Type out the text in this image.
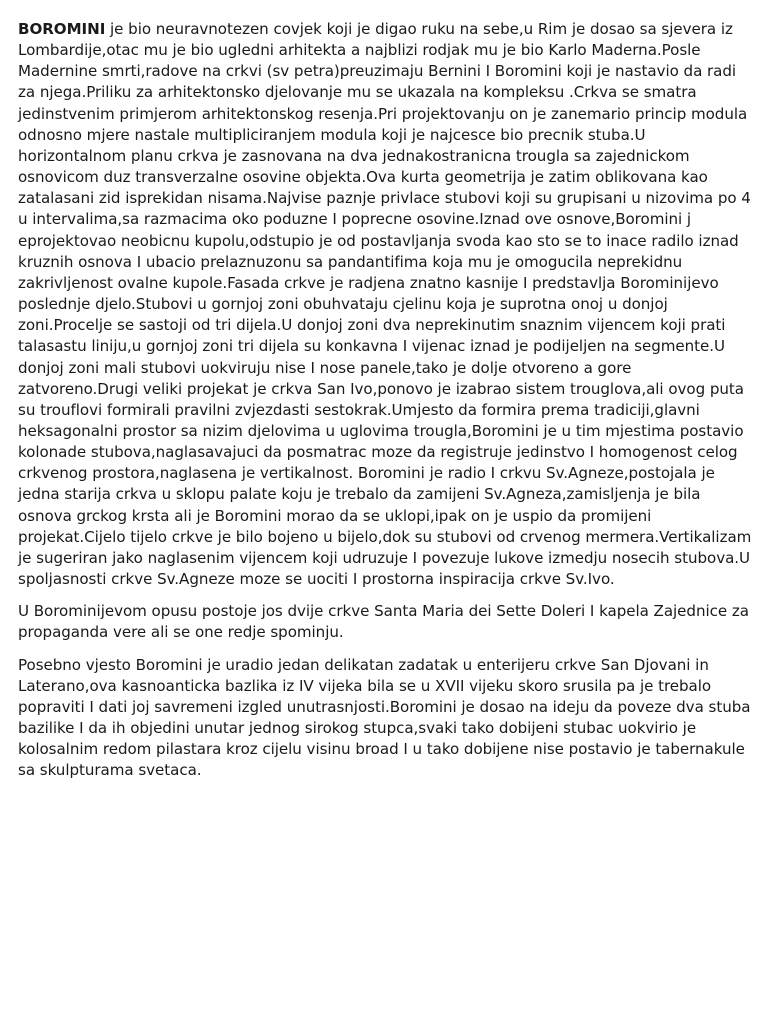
BOROMINI je bio neuravnotezen covjek koji je digao ruku na sebe,u Rim je dosao sa sjevera iz Lombardije,otac mu je bio ugledni arhitekta a najblizi rodjak mu je bio Karlo Maderna.Posle Madernine smrti,radove na crkvi (sv petra)preuzimaju Bernini I Boromini koji je nastavio da radi za njega.Priliku za arhitektonsko djelovanje mu se ukazala na kompleksu .Crkva se smatra jedinstvenim primjerom arhitektonskog resenja.Pri projektovanju on je zanemario princip modula odnosno mjere nastale multipliciranjem modula koji je najcesce bio precnik stuba.U horizontalnom planu crkva je zasnovana na dva jednakostranicna trougla sa zajednickom osnovicom duz transverzalne osovine objekta.Ova kurta geometrija je zatim oblikovana kao zatalasani zid isprekidan nisama.Najvise paznje privlace stubovi koji su grupisani u nizovima po 4 u intervalima,sa razmacima oko poduzne I poprecne osovine.Iznad ove osnove,Boromini j eprojektovao neobicnu kupolu,odstupio je od postavljanja svoda kao sto se to inace radilo iznad kruznih osnova I ubacio prelaznuzonu sa pandantifima koja mu je omogucila neprekidnu zakrivljenost ovalne kupole.Fasada crkve je radjena znatno kasnije I predstavlja Borominijevo poslednje djelo.Stubovi u gornjoj zoni obuhvataju cjelinu koja je suprotna onoj u donjoj zoni.Procelje se sastoji od tri dijela.U donjoj zoni dva neprekinutim snaznim vijencem koji prati talasastu liniju,u gornjoj zoni tri dijela su konkavna I vijenac iznad je podijeljen na segmente.U donjoj zoni mali stubovi uokviruju nise I nose panele,tako je dolje otvoreno a gore zatvoreno.Drugi veliki projekat je crkva San Ivo,ponovo je izabrao sistem trouglova,ali ovog puta su trouflovi formirali pravilni zvjezdasti sestokrak.Umjesto da formira prema tradiciji,glavni heksagonalni prostor sa nizim djelovima u uglovima trougla,Boromini je u tim mjestima postavio kolonade stubova,naglasavajuci da posmatrac moze da registruje jedinstvo I homogenost celog crkvenog prostora,naglasena je vertikalnost. Boromini je radio I crkvu Sv.Agneze,postojala je jedna starija crkva u sklopu palate koju je trebalo da zamijeni Sv.Agneza,zamisljenja je bila osnova grckog krsta ali je Boromini morao da se uklopi,ipak on je uspio da promijeni projekat.Cijelo tijelo crkve je bilo bojeno u bijelo,dok su stubovi od crvenog mermera.Vertikalizam je sugeriran jako naglasenim vijencem koji udruzuje I povezuje lukove izmedju nosecih stubova.U spoljasnosti crkve Sv.Agneze moze se uociti I prostorna inspiracija crkve Sv.Ivo.

U Borominijevom opusu postoje jos dvije crkve Santa Maria dei Sette Doleri I kapela Zajednice za propaganda vere ali se one redje spominju.

Posebno vjesto Boromini je uradio jedan delikatan zadatak u enterijeru crkve San Djovani in Laterano,ova kasnoanticka bazlika iz IV vijeka bila se u XVII vijeku skoro srusila pa je trebalo popraviti I dati joj savremeni izgled unutrasnjosti.Boromini je dosao na ideju da poveze dva stuba bazilike I da ih objedini unutar jednog sirokog stupca,svaki tako dobijeni stubac uokvirio je kolosalnim redom pilastara kroz cijelu visinu broad I u tako dobijene nise postavio je tabernakule sa skulpturama svetaca.
